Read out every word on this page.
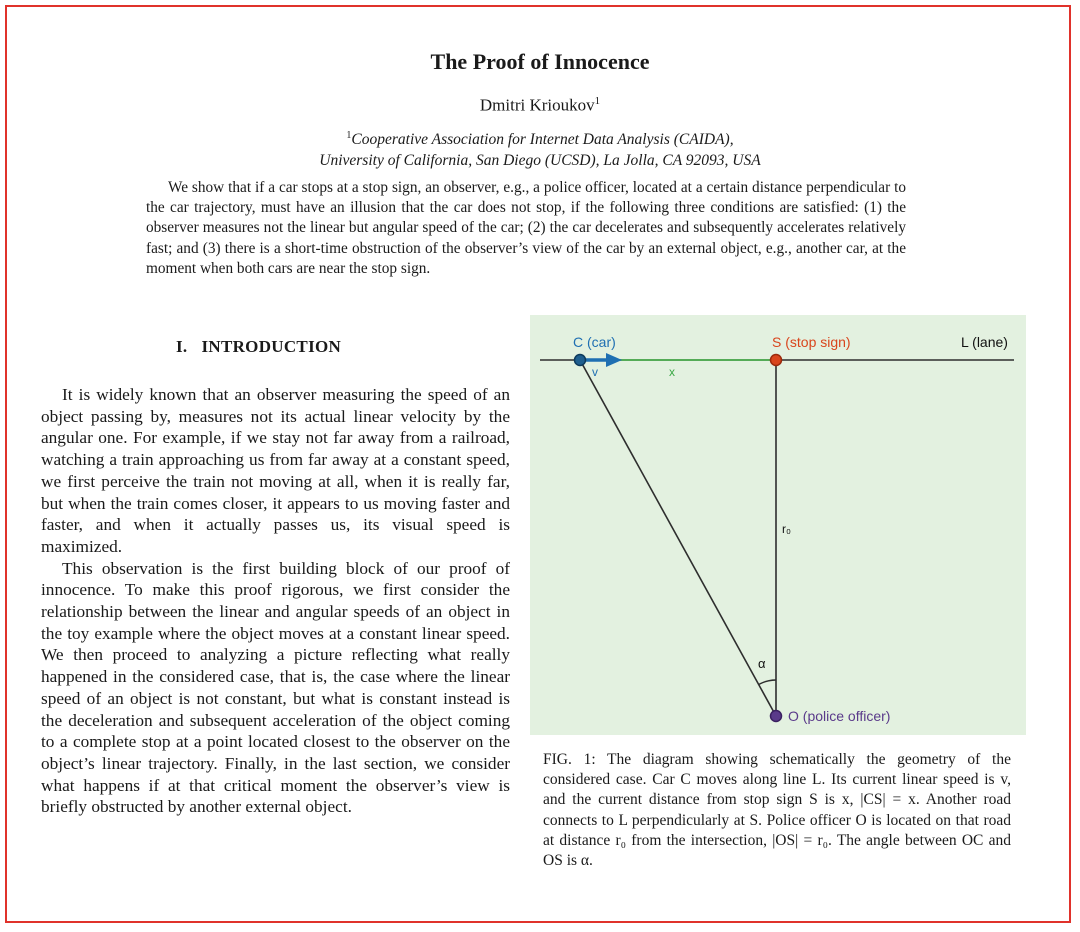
The Proof of Innocence
Dmitri Krioukov$^1$
$^1$Cooperative Association for Internet Data Analysis (CAIDA),
University of California, San Diego (UCSD), La Jolla, CA 92093, USA
We show that if a car stops at a stop sign, an observer, e.g., a police officer, located at a certain distance perpendicular to the car trajectory, must have an illusion that the car does not stop, if the following three conditions are satisfied: (1) the observer measures not the linear but angular speed of the car; (2) the car decelerates and subsequently accelerates relatively fast; and (3) there is a short-time obstruction of the observer’s view of the car by an external object, e.g., another car, at the moment when both cars are near the stop sign.
I. INTRODUCTION

It is widely known that an observer measuring the speed of an object passing by, measures not its actual linear velocity by the angular one. For example, if we stay not far away from a railroad, watching a train approaching us from far away at a constant speed, we first perceive the train not moving at all, when it is really far, but when the train comes closer, it appears to us moving faster and faster, and when it actually passes us, its visual speed is maximized.

This observation is the first building block of our proof of innocence. To make this proof rigorous, we first consider the relationship between the linear and angular speeds of an object in the toy example where the object moves at a constant linear speed. We then proceed to analyzing a picture reflecting what really happened in the considered case, that is, the case where the linear speed of an object is not constant, but what is constant instead is the deceleration and subsequent acceleration of the object coming to a complete stop at a point located closest to the observer on the object’s linear trajectory. Finally, in the last section, we consider what happens if at that critical moment the observer’s view is briefly obstructed by another external object.

C (car)	S (stop sign)	L (lane)
v	x
r₀
α
O (police officer)
FIG. 1: The diagram showing schematically the geometry of the considered case. Car C moves along line L. Its current linear speed is v, and the current distance from stop sign S is x, |CS| = x. Another road connects to L perpendicularly at S. Police officer O is located on that road at distance r₀ from the intersection, |OS| = r₀. The angle between OC and OS is α.
